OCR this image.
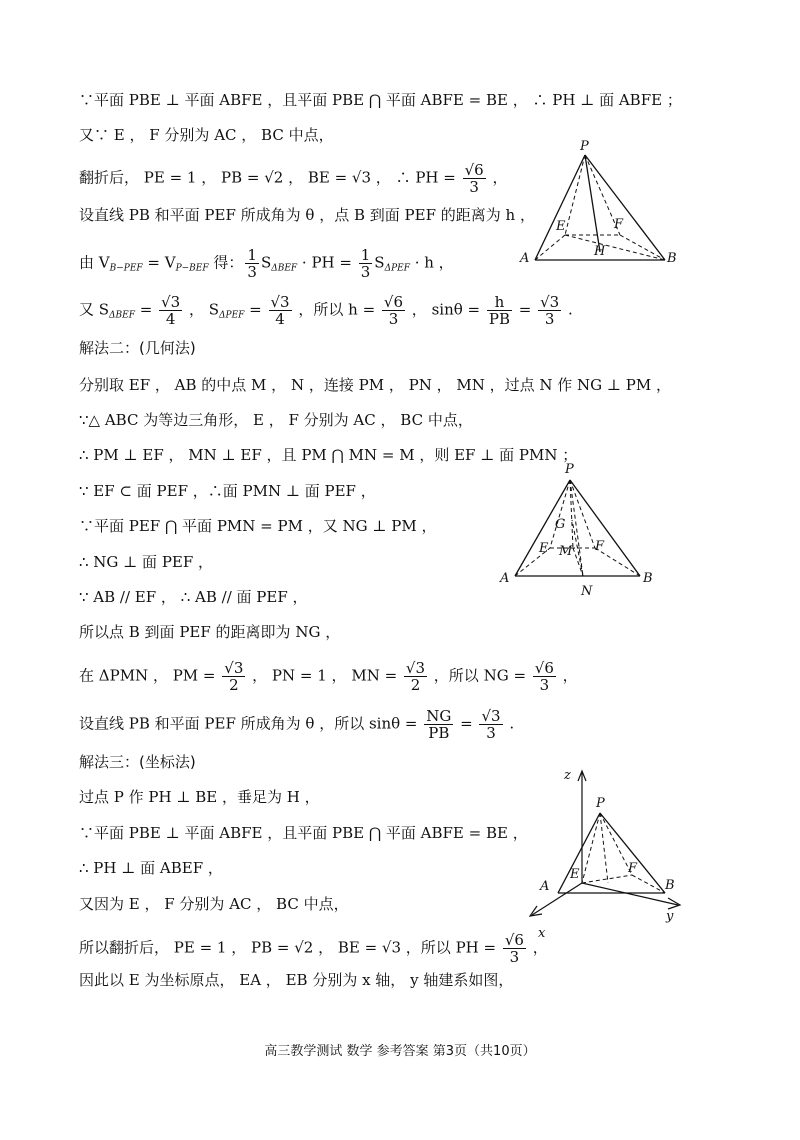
∵平面 PBE ⊥ 平面 ABFE ，且平面 PBE ⋂ 平面 ABFE = BE ， ∴ PH ⊥ 面 ABFE ；
又∵ E ， F 分别为 AC ， BC 中点，
翻折后， PE = 1 ， PB = √2 ， BE = √3 ， ∴ PH = $\frac{√6}{3}$ ，
设直线 PB 和平面 PEF 所成角为 θ ，点 B 到面 PEF 的距离为 h ，
由 $V_{B-PEF} = V_{P-BEF}$ 得： $\frac{1}{3} S_{\Delta BEF}$ · PH = $\frac{1}{3} S_{\Delta PEF} \cdot h$ ，
又 $S_{\Delta BEF} = \frac{√3}{4}$ ， $S_{\Delta PEF} = \frac{√3}{4}$ ，所以 $h = \frac{√6}{3}$ ， $\sin\theta = \frac{h}{PB} = \frac{√3}{3}$ .
解法二：(几何法)
分别取 EF ， AB 的中点 M ， N ，连接 PM ， PN ， MN ，过点 N 作 NG ⊥ PM ，
∵△ ABC 为等边三角形， E ， F 分别为 AC ， BC 中点，
∴ PM ⊥ EF ， MN ⊥ EF ，且 PM ⋂ MN = M ，则 EF ⊥ 面 PMN ；
∵ EF ⊂ 面 PEF ，∴面 PMN ⊥ 面 PEF ，
∵平面 PEF ⋂ 平面 PMN = PM ，又 NG ⊥ PM ，
∴ NG ⊥ 面 PEF ，
∵ AB // EF ， ∴ AB // 面 PEF ，
所以点 B 到面 PEF 的距离即为 NG ，
在 ΔPMN ， PM = $\frac{√3}{2}$ ， PN = 1 ， MN = $\frac{√3}{2}$ ，所以 NG = $\frac{√6}{3}$ ，
设直线 PB 和平面 PEF 所成角为 θ ，所以 $\sin\theta = \frac{NG}{PB} = \frac{√3}{3}$ .
解法三：(坐标法)
过点 P 作 PH ⊥ BE ，垂足为 H ，
∵平面 PBE ⊥ 平面 ABFE ，且平面 PBE ⋂ 平面 ABFE = BE ，
∴ PH ⊥ 面 ABEF ，
又因为 E ， F 分别为 AC ， BC 中点，
所以翻折后， PE = 1 ， PB = √2 ， BE = √3 ，所以 PH = $\frac{√6}{3}$ ，
因此以 E 为坐标原点， EA ， EB 分别为 x 轴， y 轴建系如图，
P
E	F
H
A	B
P
G
E M F
A	B
N
z
P
A
E	F
B
y
x
高三教学测试 数学 参考答案 第3页（共10页）
